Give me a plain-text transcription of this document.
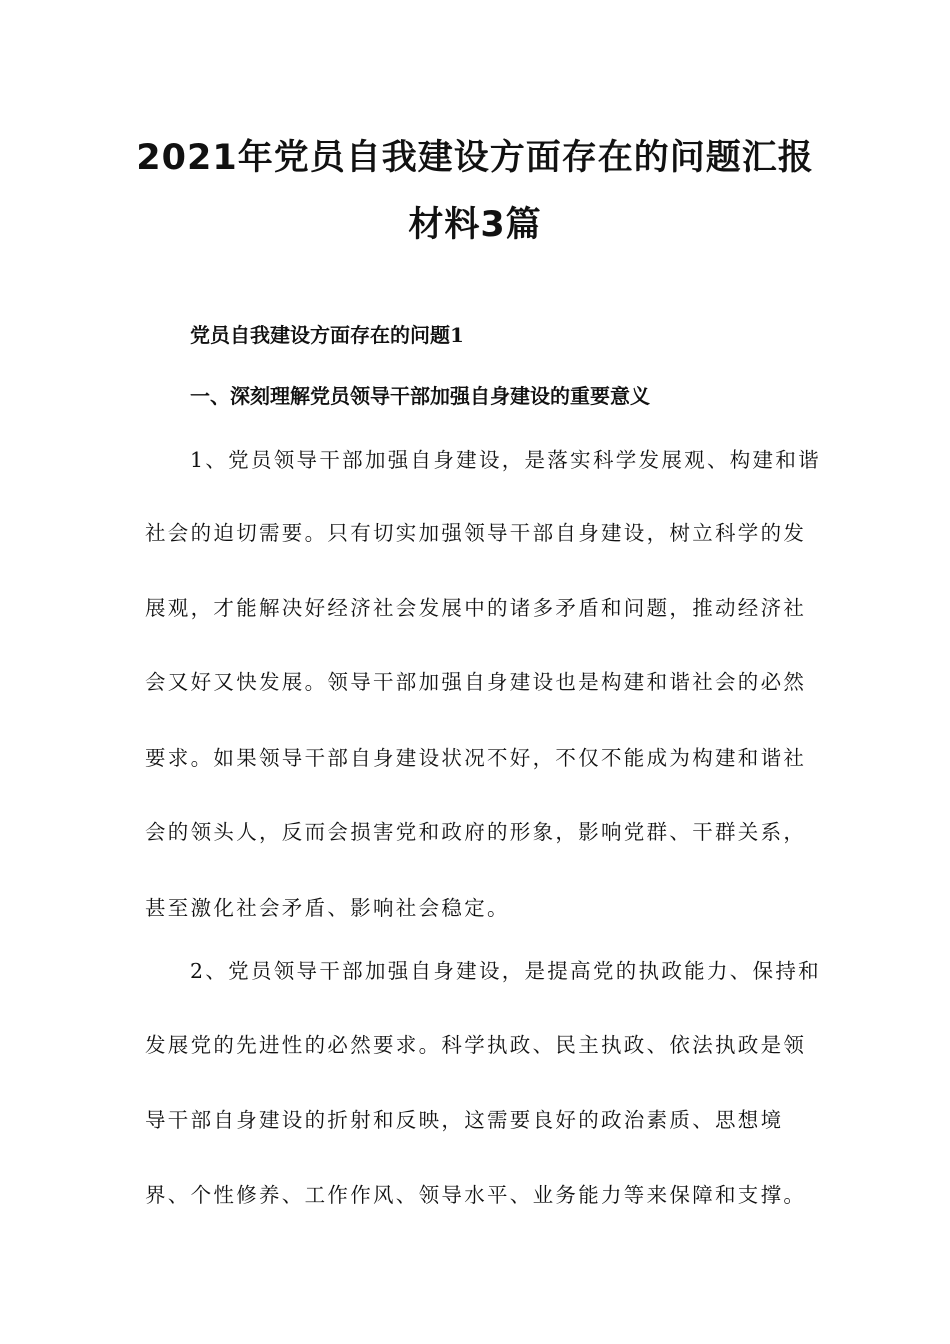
2021年党员自我建设方面存在的问题汇报
材料3篇
党员自我建设方面存在的问题1
一、深刻理解党员领导干部加强自身建设的重要意义
1、党员领导干部加强自身建设，是落实科学发展观、构建和谐
社会的迫切需要。只有切实加强领导干部自身建设，树立科学的发
展观，才能解决好经济社会发展中的诸多矛盾和问题，推动经济社
会又好又快发展。领导干部加强自身建设也是构建和谐社会的必然
要求。如果领导干部自身建设状况不好，不仅不能成为构建和谐社
会的领头人，反而会损害党和政府的形象，影响党群、干群关系，
甚至激化社会矛盾、影响社会稳定。
2、党员领导干部加强自身建设，是提高党的执政能力、保持和
发展党的先进性的必然要求。科学执政、民主执政、依法执政是领
导干部自身建设的折射和反映，这需要良好的政治素质、思想境
界、个性修养、工作作风、领导水平、业务能力等来保障和支撑。
